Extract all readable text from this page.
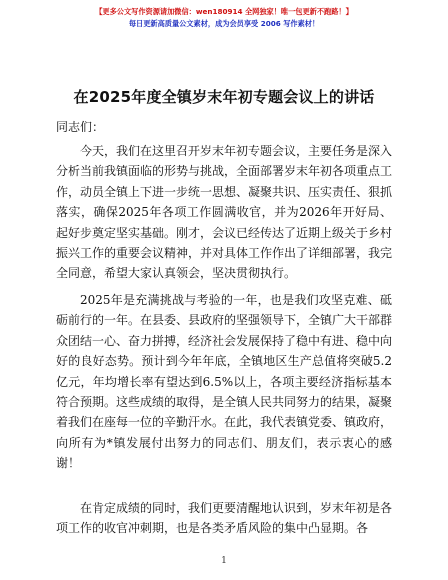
【更多公文写作资源请加微信：wen180914 全网独家！唯一包更新不跑路！】
每日更新高质量公文素材，成为会员享受 2006 写作素材！
在2025年度全镇岁末年初专题会议上的讲话

同志们：

今天，我们在这里召开岁末年初专题会议，主要任务是深入分析当前我镇面临的形势与挑战，全面部署岁末年初各项重点工作，动员全镇上下进一步统一思想、凝聚共识、压实责任、狠抓落实，确保2025年各项工作圆满收官，并为2026年开好局、起好步奠定坚实基础。刚才，会议已经传达了近期上级关于乡村振兴工作的重要会议精神，并对具体工作作出了详细部署，我完全同意，希望大家认真领会，坚决贯彻执行。

2025年是充满挑战与考验的一年，也是我们攻坚克难、砥砺前行的一年。在县委、县政府的坚强领导下，全镇广大干部群众团结一心、奋力拼搏，经济社会发展保持了稳中有进、稳中向好的良好态势。预计到今年年底，全镇地区生产总值将突破5.2亿元，年均增长率有望达到6.5%以上，各项主要经济指标基本符合预期。这些成绩的取得，是全镇人民共同努力的结果，凝聚着我们在座每一位的辛勤汗水。在此，我代表镇党委、镇政府，向所有为*镇发展付出努力的同志们、朋友们，表示衷心的感谢！

在肯定成绩的同时，我们更要清醒地认识到，岁末年初是各项工作的收官冲刺期，也是各类矛盾风险的集中凸显期。各

1
